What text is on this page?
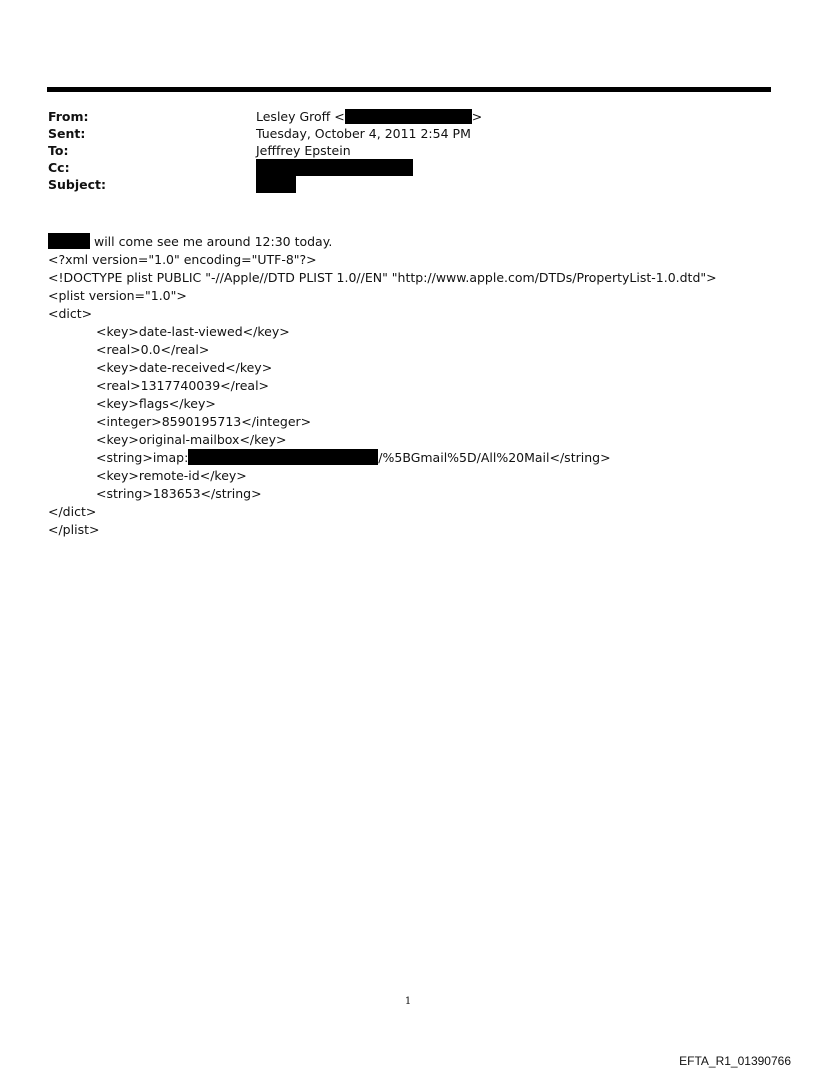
From:	Lesley Groff <	>
Sent:	Tuesday, October 4, 2011 2:54 PM
To:	Jefffrey Epstein
Cc:
Subject:
will come see me around 12:30 today.
<?xml version="1.0" encoding="UTF-8"?>
<!DOCTYPE plist PUBLIC "-//Apple//DTD PLIST 1.0//EN" "http://www.apple.com/DTDs/PropertyList-1.0.dtd">
<plist version="1.0">
<dict>
<key>date-last-viewed</key>
<real>0.0</real>
<key>date-received</key>
<real>1317740039</real>
<key>flags</key>
<integer>8590195713</integer>
<key>original-mailbox</key>
<string>imap:	/%5BGmail%5D/All%20Mail</string>
<key>remote-id</key>
<string>183653</string>
</dict>
</plist>
1
EFTA_R1_01390766
